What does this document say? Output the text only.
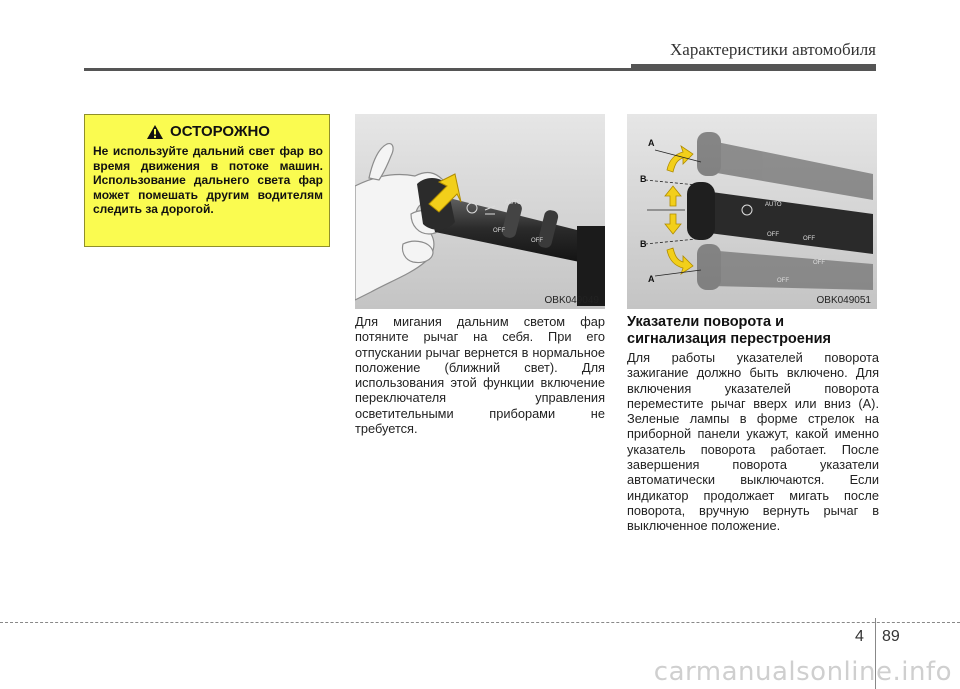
Характеристики автомобиля
ОСТОРОЖНО
Не используйте дальний свет фар во время движения в потоке машин. Использование дальнего света фар может помешать другим водителям следить за дорогой.	AUTO
OFF
OFF
OBK049049
AUTO
OFF
OFF
OFF
OFF
A
B
B
A
OBK049051
Для мигания дальним светом фар потяните рычаг на себя. При его отпускании рычаг вернется в нормальное положение (ближний свет). Для использования этой функции включение переключателя управления осветительными приборами не требуется.
Указатели поворота и сигнализация перестроения
Для работы указателей поворота зажигание должно быть включено. Для включения указателей поворота переместите рычаг вверх или вниз (A). Зеленые лампы в форме стрелок на приборной панели укажут, какой именно указатель поворота работает. После завершения поворота указатели автоматически выключаются. Если индикатор продолжает мигать после поворота, вручную вернуть рычаг в выключенное положение.
4 89
carmanualsonline.info
